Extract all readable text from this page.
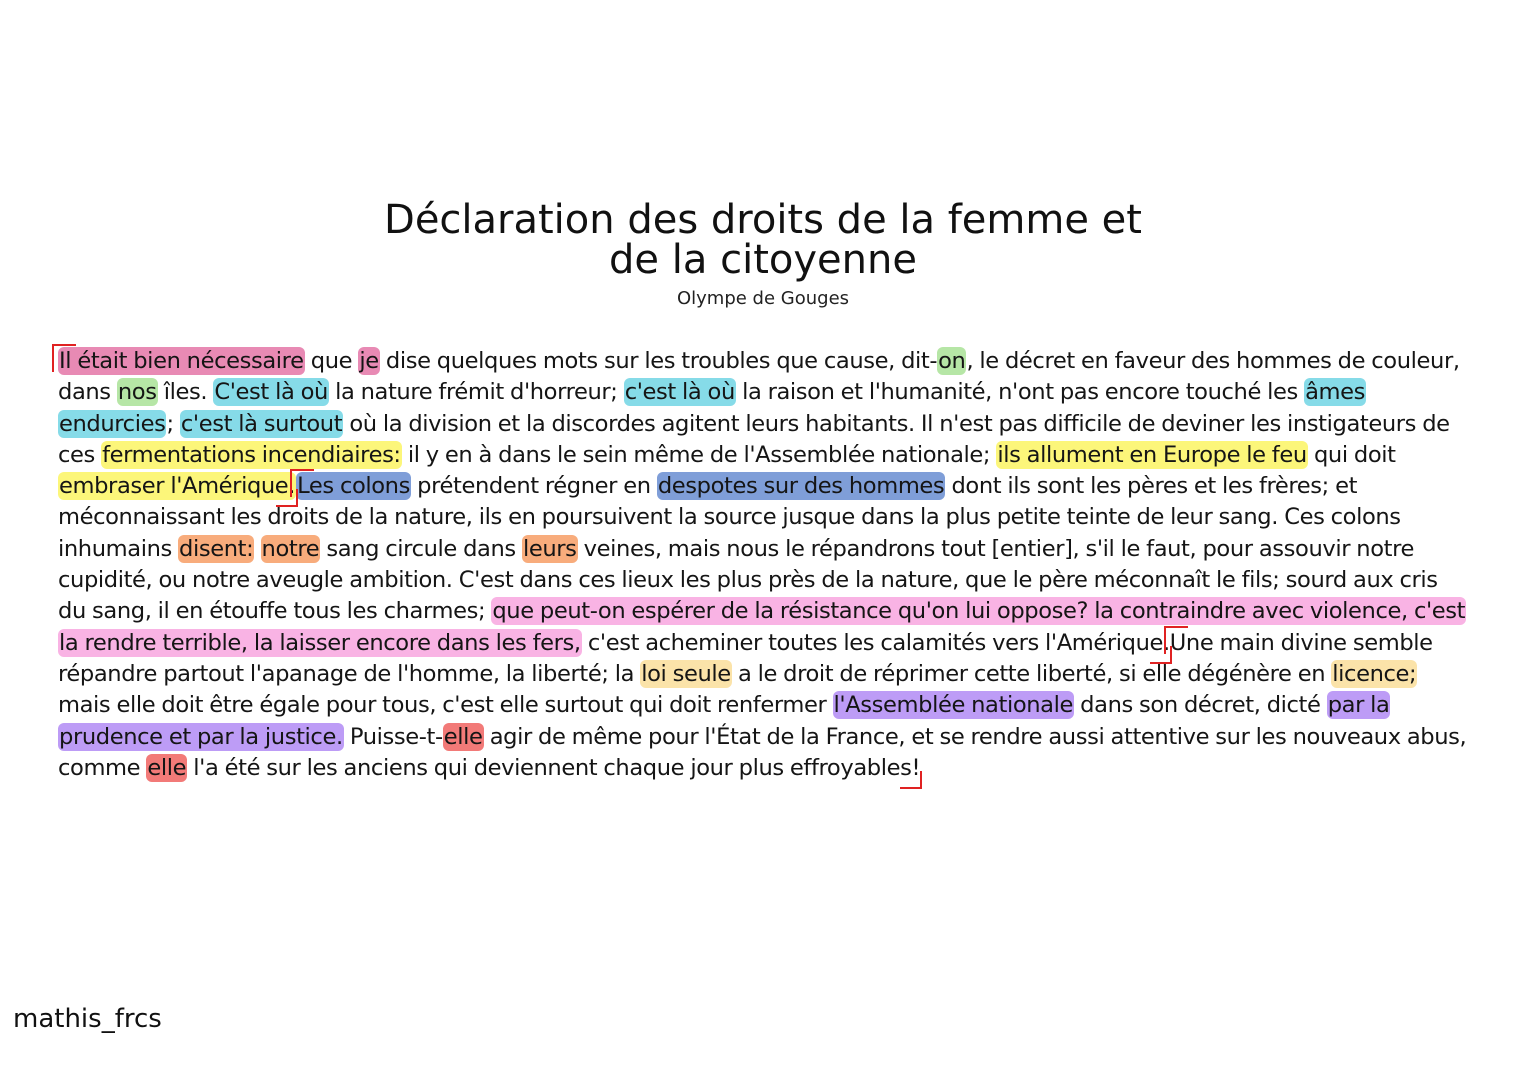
Déclaration des droits de la femme et
de la citoyenne
Olympe de Gouges
Il était bien nécessaire que je dise quelques mots sur les troubles que cause, dit-on, le décret en faveur des hommes de couleur, dans nos îles. C'est là où la nature frémit d'horreur; c'est là où la raison et l'humanité, n'ont pas encore touché les âmes endurcies; c'est là surtout où la division et la discordes agitent leurs habitants. Il n'est pas difficile de deviner les instigateurs de ces fermentations incendiaires: il y en à dans le sein même de l'Assemblée nationale; ils allument en Europe le feu qui doit embraser l'Amérique.Les colons prétendent régner en despotes sur des hommes dont ils sont les pères et les frères; et méconnaissant les droits de la nature, ils en poursuivent la source jusque dans la plus petite teinte de leur sang. Ces colons inhumains disent: notre sang circule dans leurs veines, mais nous le répandrons tout [entier], s'il le faut, pour assouvir notre cupidité, ou notre aveugle ambition. C'est dans ces lieux les plus près de la nature, que le père méconnaît le fils; sourd aux cris du sang, il en étouffe tous les charmes; que peut-on espérer de la résistance qu'on lui oppose? la contraindre avec violence, c'est la rendre terrible, la laisser encore dans les fers, c'est acheminer toutes les calamités vers l'Amérique.Une main divine semble répandre partout l'apanage de l'homme, la liberté; la loi seule a le droit de réprimer cette liberté, si elle dégénère en licence; mais elle doit être égale pour tous, c'est elle surtout qui doit renfermer l'Assemblée nationale dans son décret, dicté par la prudence et par la justice. Puisse-t-elle agir de même pour l'État de la France, et se rendre aussi attentive sur les nouveaux abus, comme elle l'a été sur les anciens qui deviennent chaque jour plus effroyables!
mathis_frcs
